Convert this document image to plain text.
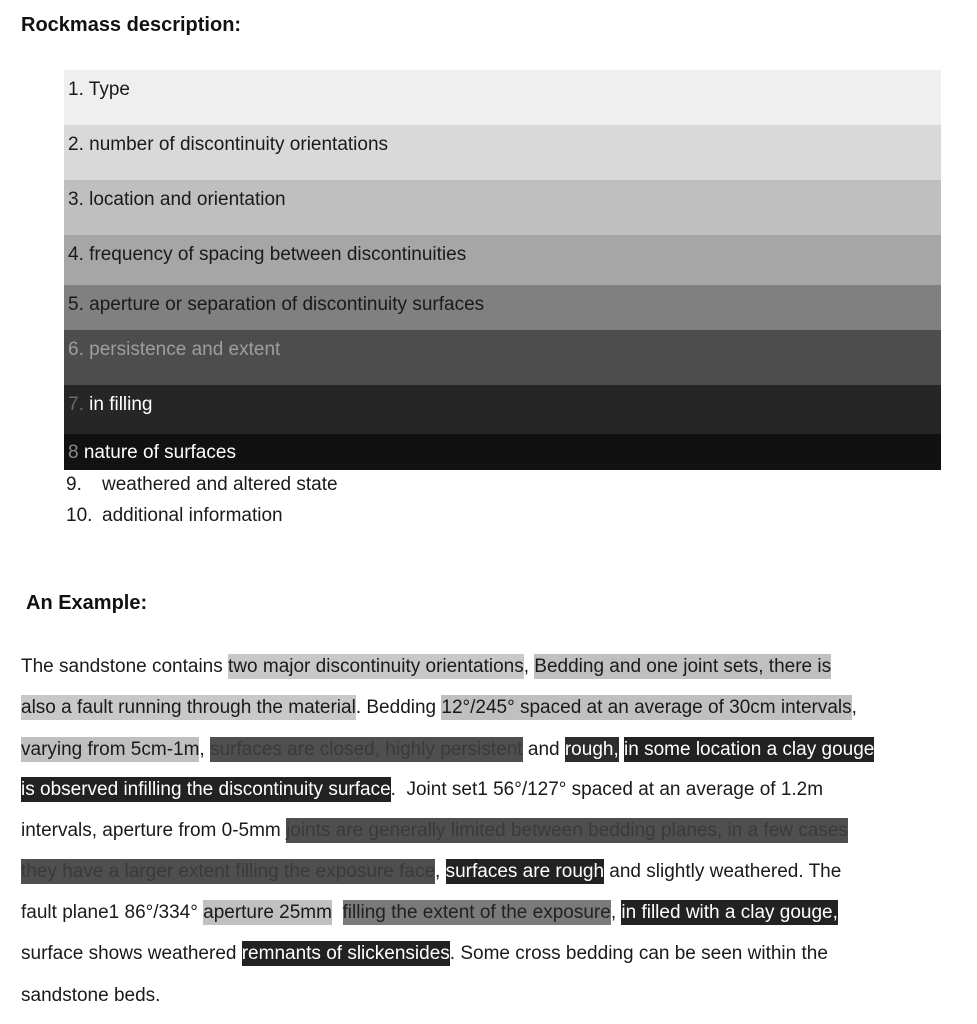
Rockmass description:
1. Type
2. number of discontinuity orientations
3. location and orientation
4. frequency of spacing between discontinuities
5. aperture or separation of discontinuity surfaces
6. persistence and extent
7. in filling
8 nature of surfaces
9. weathered and altered state
10. additional information
An Example:
The sandstone contains two major discontinuity orientations, Bedding and one joint sets, there is
also a fault running through the material. Bedding 12°/245° spaced at an average of 30cm intervals,
varying from 5cm-1m, surfaces are closed, highly persistent and rough, in some location a clay gouge
is observed infilling the discontinuity surface.  Joint set1 56°/127° spaced at an average of 1.2m
intervals, aperture from 0-5mm joints are generally limited between bedding planes, in a few cases
they have a larger extent filling the exposure face, surfaces are rough and slightly weathered. The
fault plane1 86°/334° aperture 25mm filling the extent of the exposure, in filled with a clay gouge,
surface shows weathered remnants of slickensides. Some cross bedding can be seen within the
sandstone beds.
